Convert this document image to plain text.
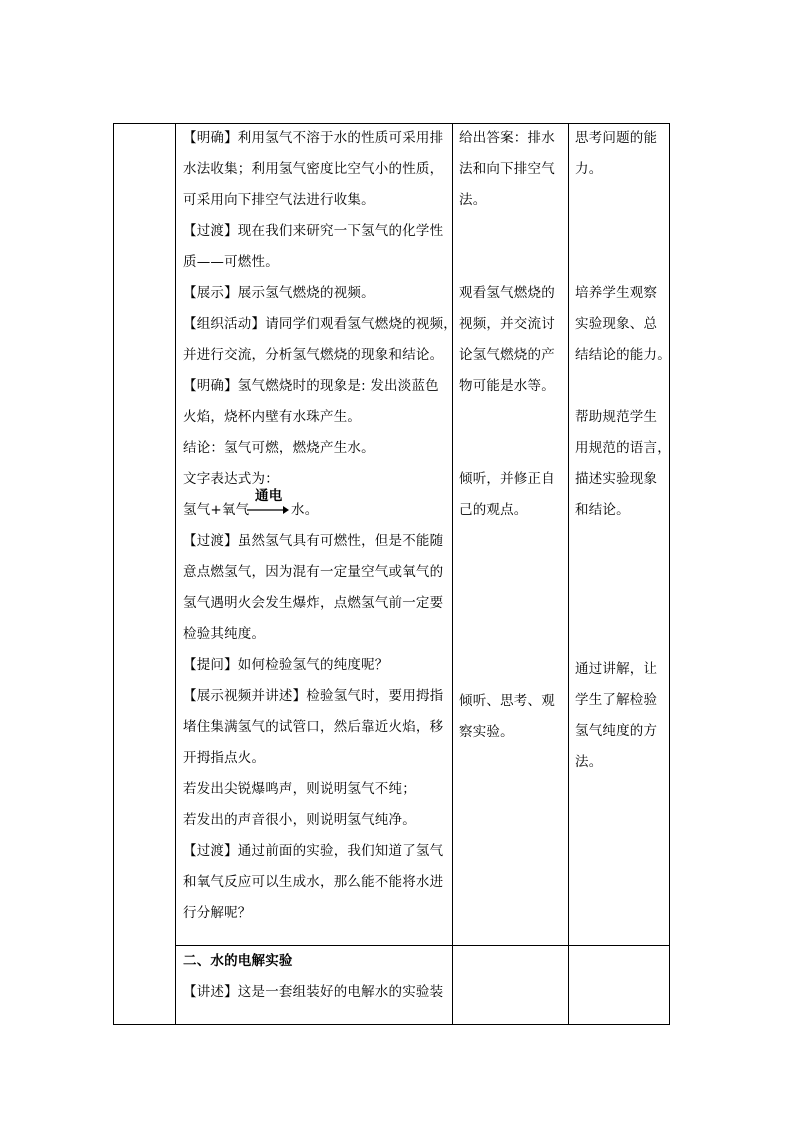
【明确】利用氢气不溶于水的性质可采用排

水法收集；利用氢气密度比空气小的性质，

可采用向下排空气法进行收集。

【过渡】现在我们来研究一下氢气的化学性

质——可燃性。

【展示】展示氢气燃烧的视频。

【组织活动】请同学们观看氢气燃烧的视频，

并进行交流，分析氢气燃烧的现象和结论。

【明确】氢气燃烧时的现象是: 发出淡蓝色

火焰，烧杯内壁有水珠产生。

结论：氢气可燃，燃烧产生水。

文字表达式为：

氢气+氧气
通电
→ 水。

【过渡】虽然氢气具有可燃性，但是不能随

意点燃氢气，因为混有一定量空气或氧气的

氢气遇明火会发生爆炸，点燃氢气前一定要

检验其纯度。

【提问】如何检验氢气的纯度呢？

【展示视频并讲述】检验氢气时，要用拇指

堵住集满氢气的试管口，然后靠近火焰，移

开拇指点火。

若发出尖锐爆鸣声，则说明氢气不纯；

若发出的声音很小，则说明氢气纯净。

【过渡】通过前面的实验，我们知道了氢气

和氧气反应可以生成水，那么能不能将水进

行分解呢？

二、水的电解实验

【讲述】这是一套组装好的电解水的实验装

给出答案：排水

法和向下排空气

法。

观看氢气燃烧的

视频，并交流讨

论氢气燃烧的产

物可能是水等。

倾听，并修正自

己的观点。

倾听、思考、观

察实验。

思考问题的能

力。

培养学生观察

实验现象、总

结结论的能力。

帮助规范学生

用规范的语言，

描述实验现象

和结论。

通过讲解，让

学生了解检验

氢气纯度的方

法。
